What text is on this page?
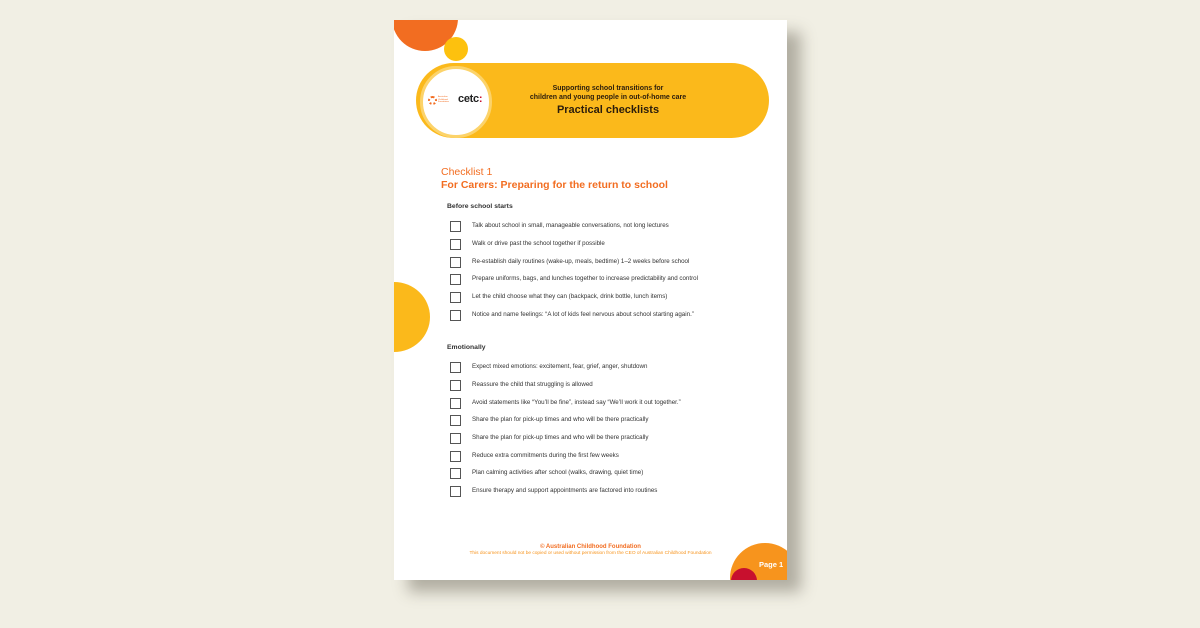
Australian Childhood Foundation cetc:
Supporting school transitions for
children and young people in out-of-home care
Practical checklists
Checklist 1
For Carers: Preparing for the return to school
Before school starts
Talk about school in small, manageable conversations, not long lectures
Walk or drive past the school together if possible
Re-establish daily routines (wake-up, meals, bedtime) 1–2 weeks before school
Prepare uniforms, bags, and lunches together to increase predictability and control
Let the child choose what they can (backpack, drink bottle, lunch items)
Notice and name feelings: “A lot of kids feel nervous about school starting again.”
Emotionally
Expect mixed emotions: excitement, fear, grief, anger, shutdown
Reassure the child that struggling is allowed
Avoid statements like “You’ll be fine”, instead say “We’ll work it out together.”
Share the plan for pick-up times and who will be there practically
Share the plan for pick-up times and who will be there practically
Reduce extra commitments during the first few weeks
Plan calming activities after school (walks, drawing, quiet time)
Ensure therapy and support appointments are factored into routines
© Australian Childhood Foundation
This document should not be copied or used without permission from the CEO of Australian Childhood Foundation
Page 1
